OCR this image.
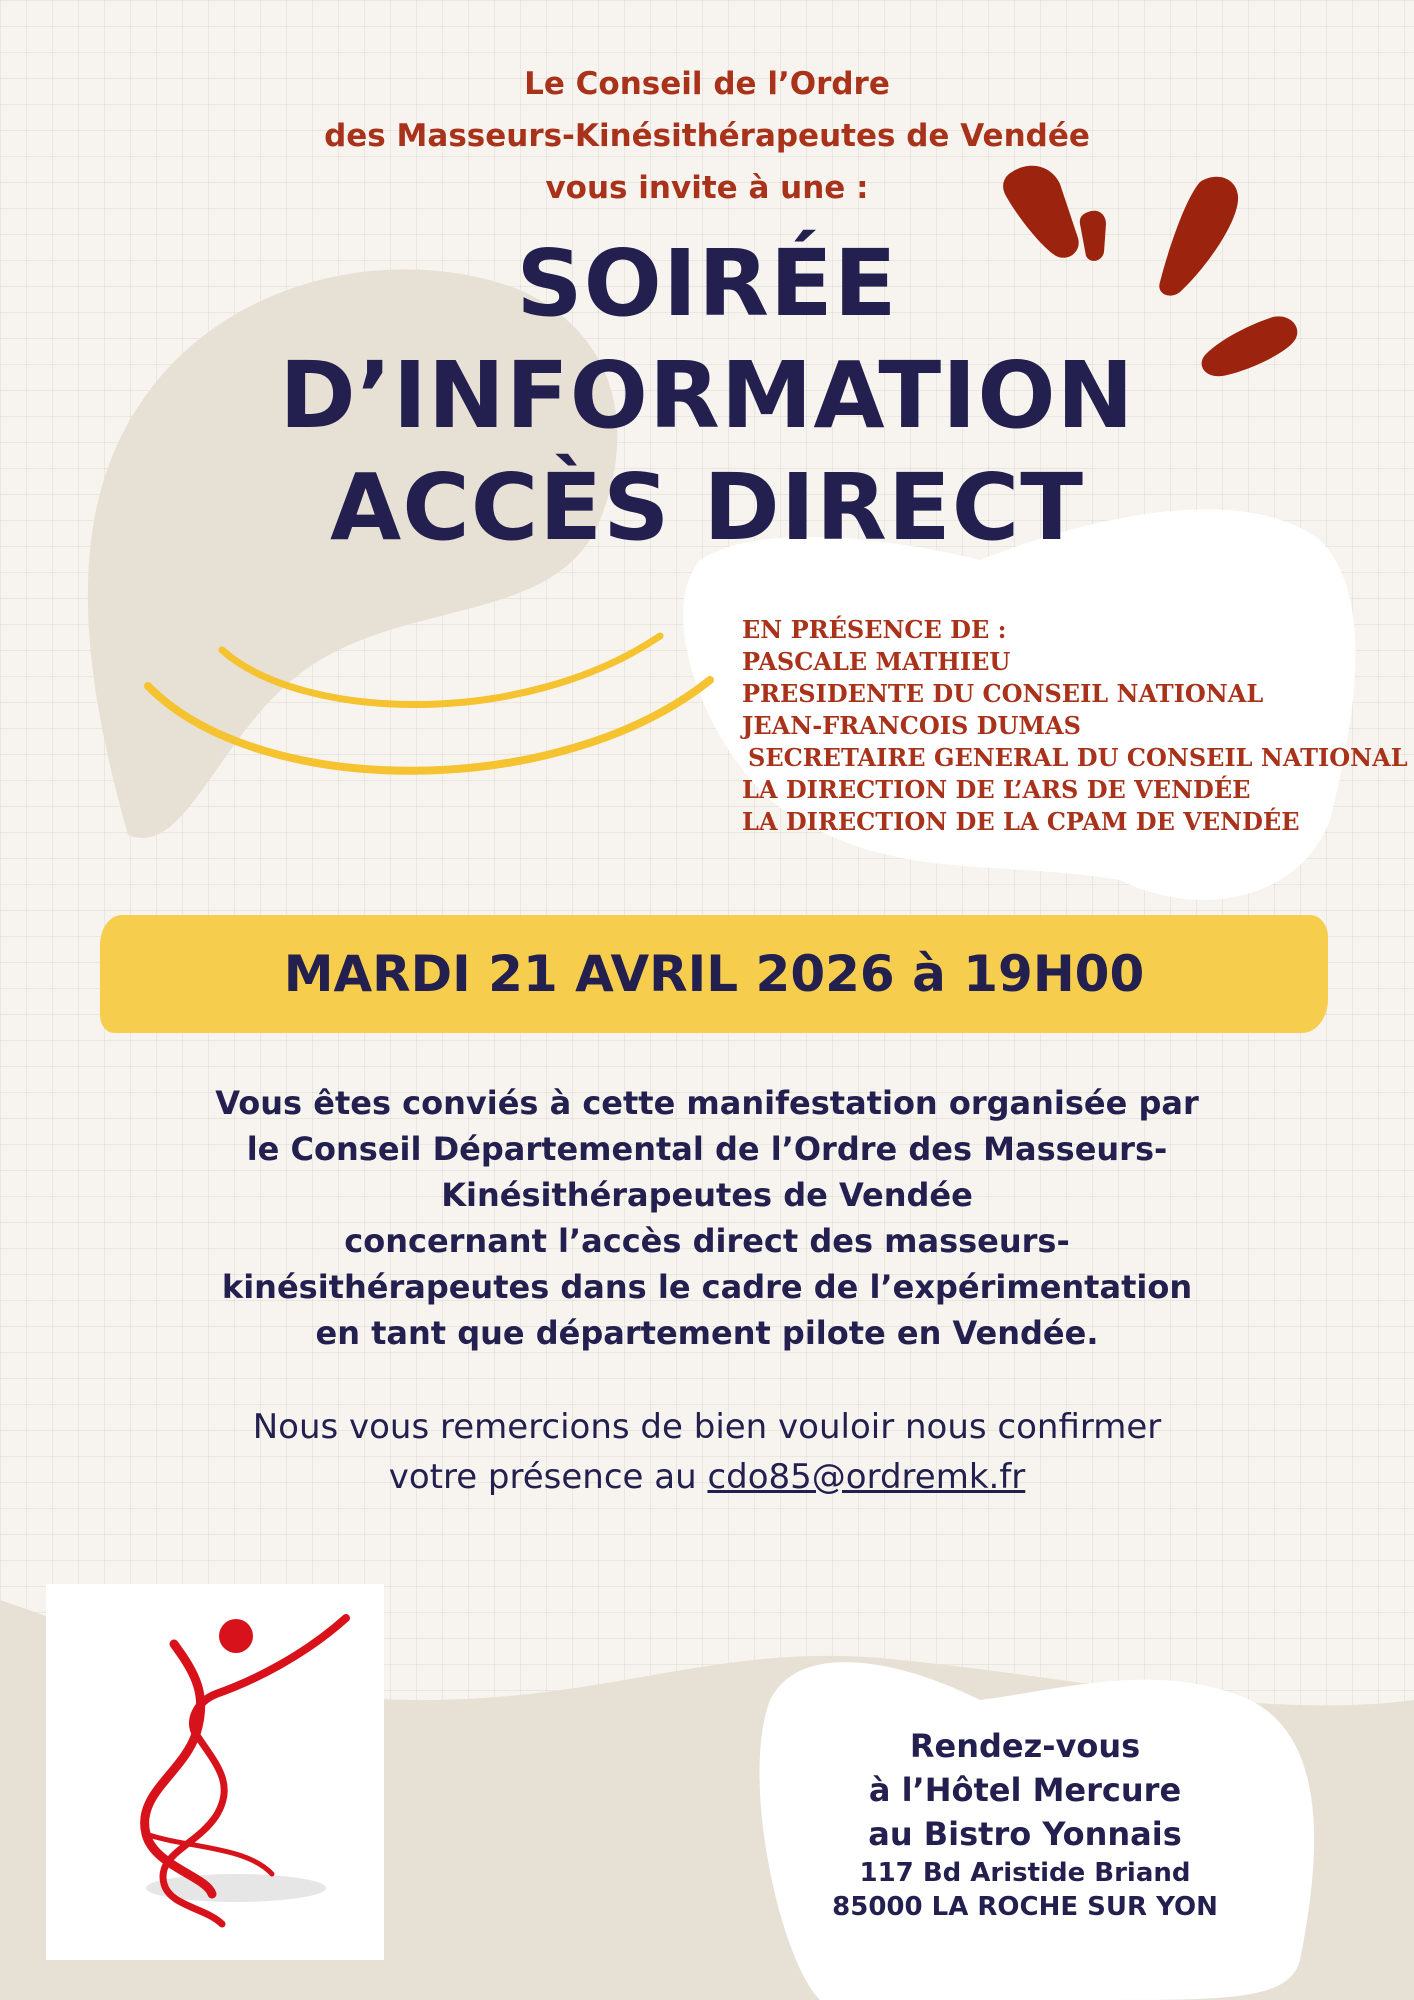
Le Conseil de l’Ordre
des Masseurs-Kinésithérapeutes de Vendée
vous invite à une :
SOIRÉE
D’INFORMATION
ACCÈS DIRECT
EN PRÉSENCE DE :
PASCALE MATHIEU
PRESIDENTE DU CONSEIL NATIONAL
JEAN-FRANCOIS DUMAS
SECRETAIRE GENERAL DU CONSEIL NATIONAL
LA DIRECTION DE L’ARS DE VENDÉE
LA DIRECTION DE LA CPAM DE VENDÉE
MARDI 21 AVRIL 2026 à 19H00
Vous êtes conviés à cette manifestation organisée par
le Conseil Départemental de l’Ordre des Masseurs-
Kinésithérapeutes de Vendée
concernant l’accès direct des masseurs-
kinésithérapeutes dans le cadre de l’expérimentation
en tant que département pilote en Vendée.
Nous vous remercions de bien vouloir nous confirmer
votre présence au cdo85@ordremk.fr
Rendez-vous
à l’Hôtel Mercure
au Bistro Yonnais
117 Bd Aristide Briand
85000 LA ROCHE SUR YON
